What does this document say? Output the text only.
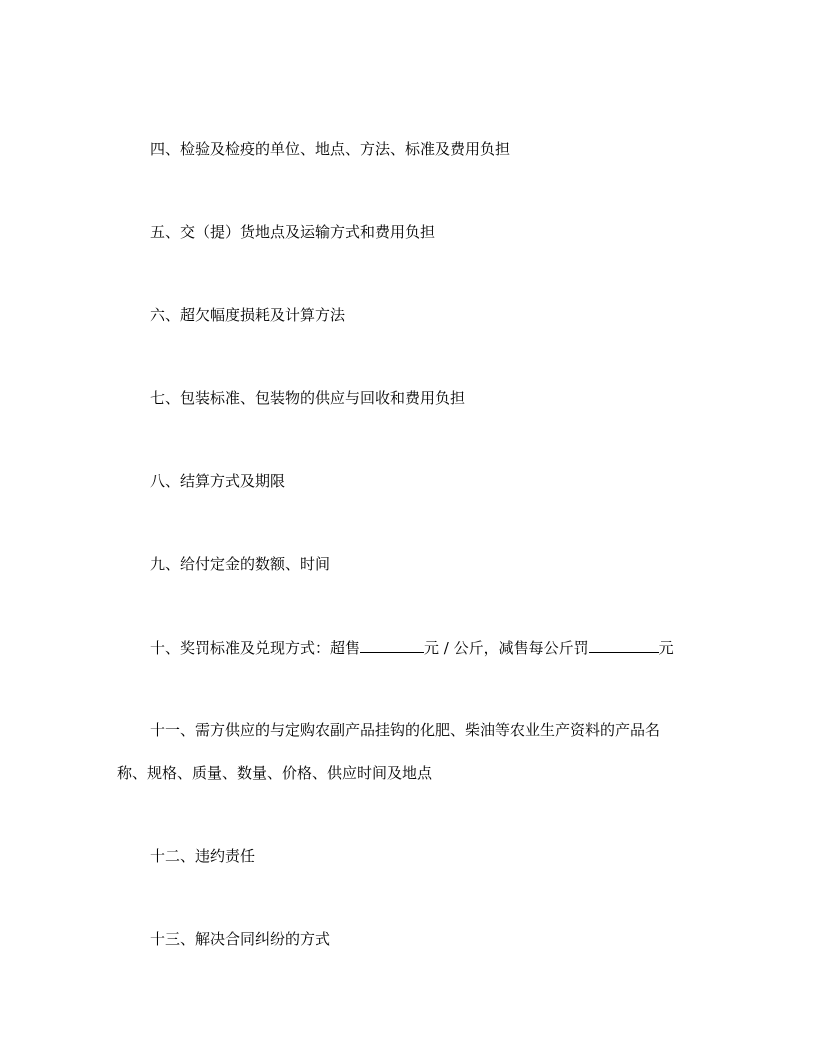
四、检验及检疫的单位、地点、方法、标准及费用负担
五、交（提）货地点及运输方式和费用负担
六、超欠幅度损耗及计算方法
七、包装标准、包装物的供应与回收和费用负担
八、结算方式及期限
九、给付定金的数额、时间
十、奖罚标准及兑现方式：超售	元 / 公斤，减售每公斤罚	元
十一、需方供应的与定购农副产品挂钩的化肥、柴油等农业生产资料的产品名
称、规格、质量、数量、价格、供应时间及地点
十二、违约责任
十三、解决合同纠纷的方式
